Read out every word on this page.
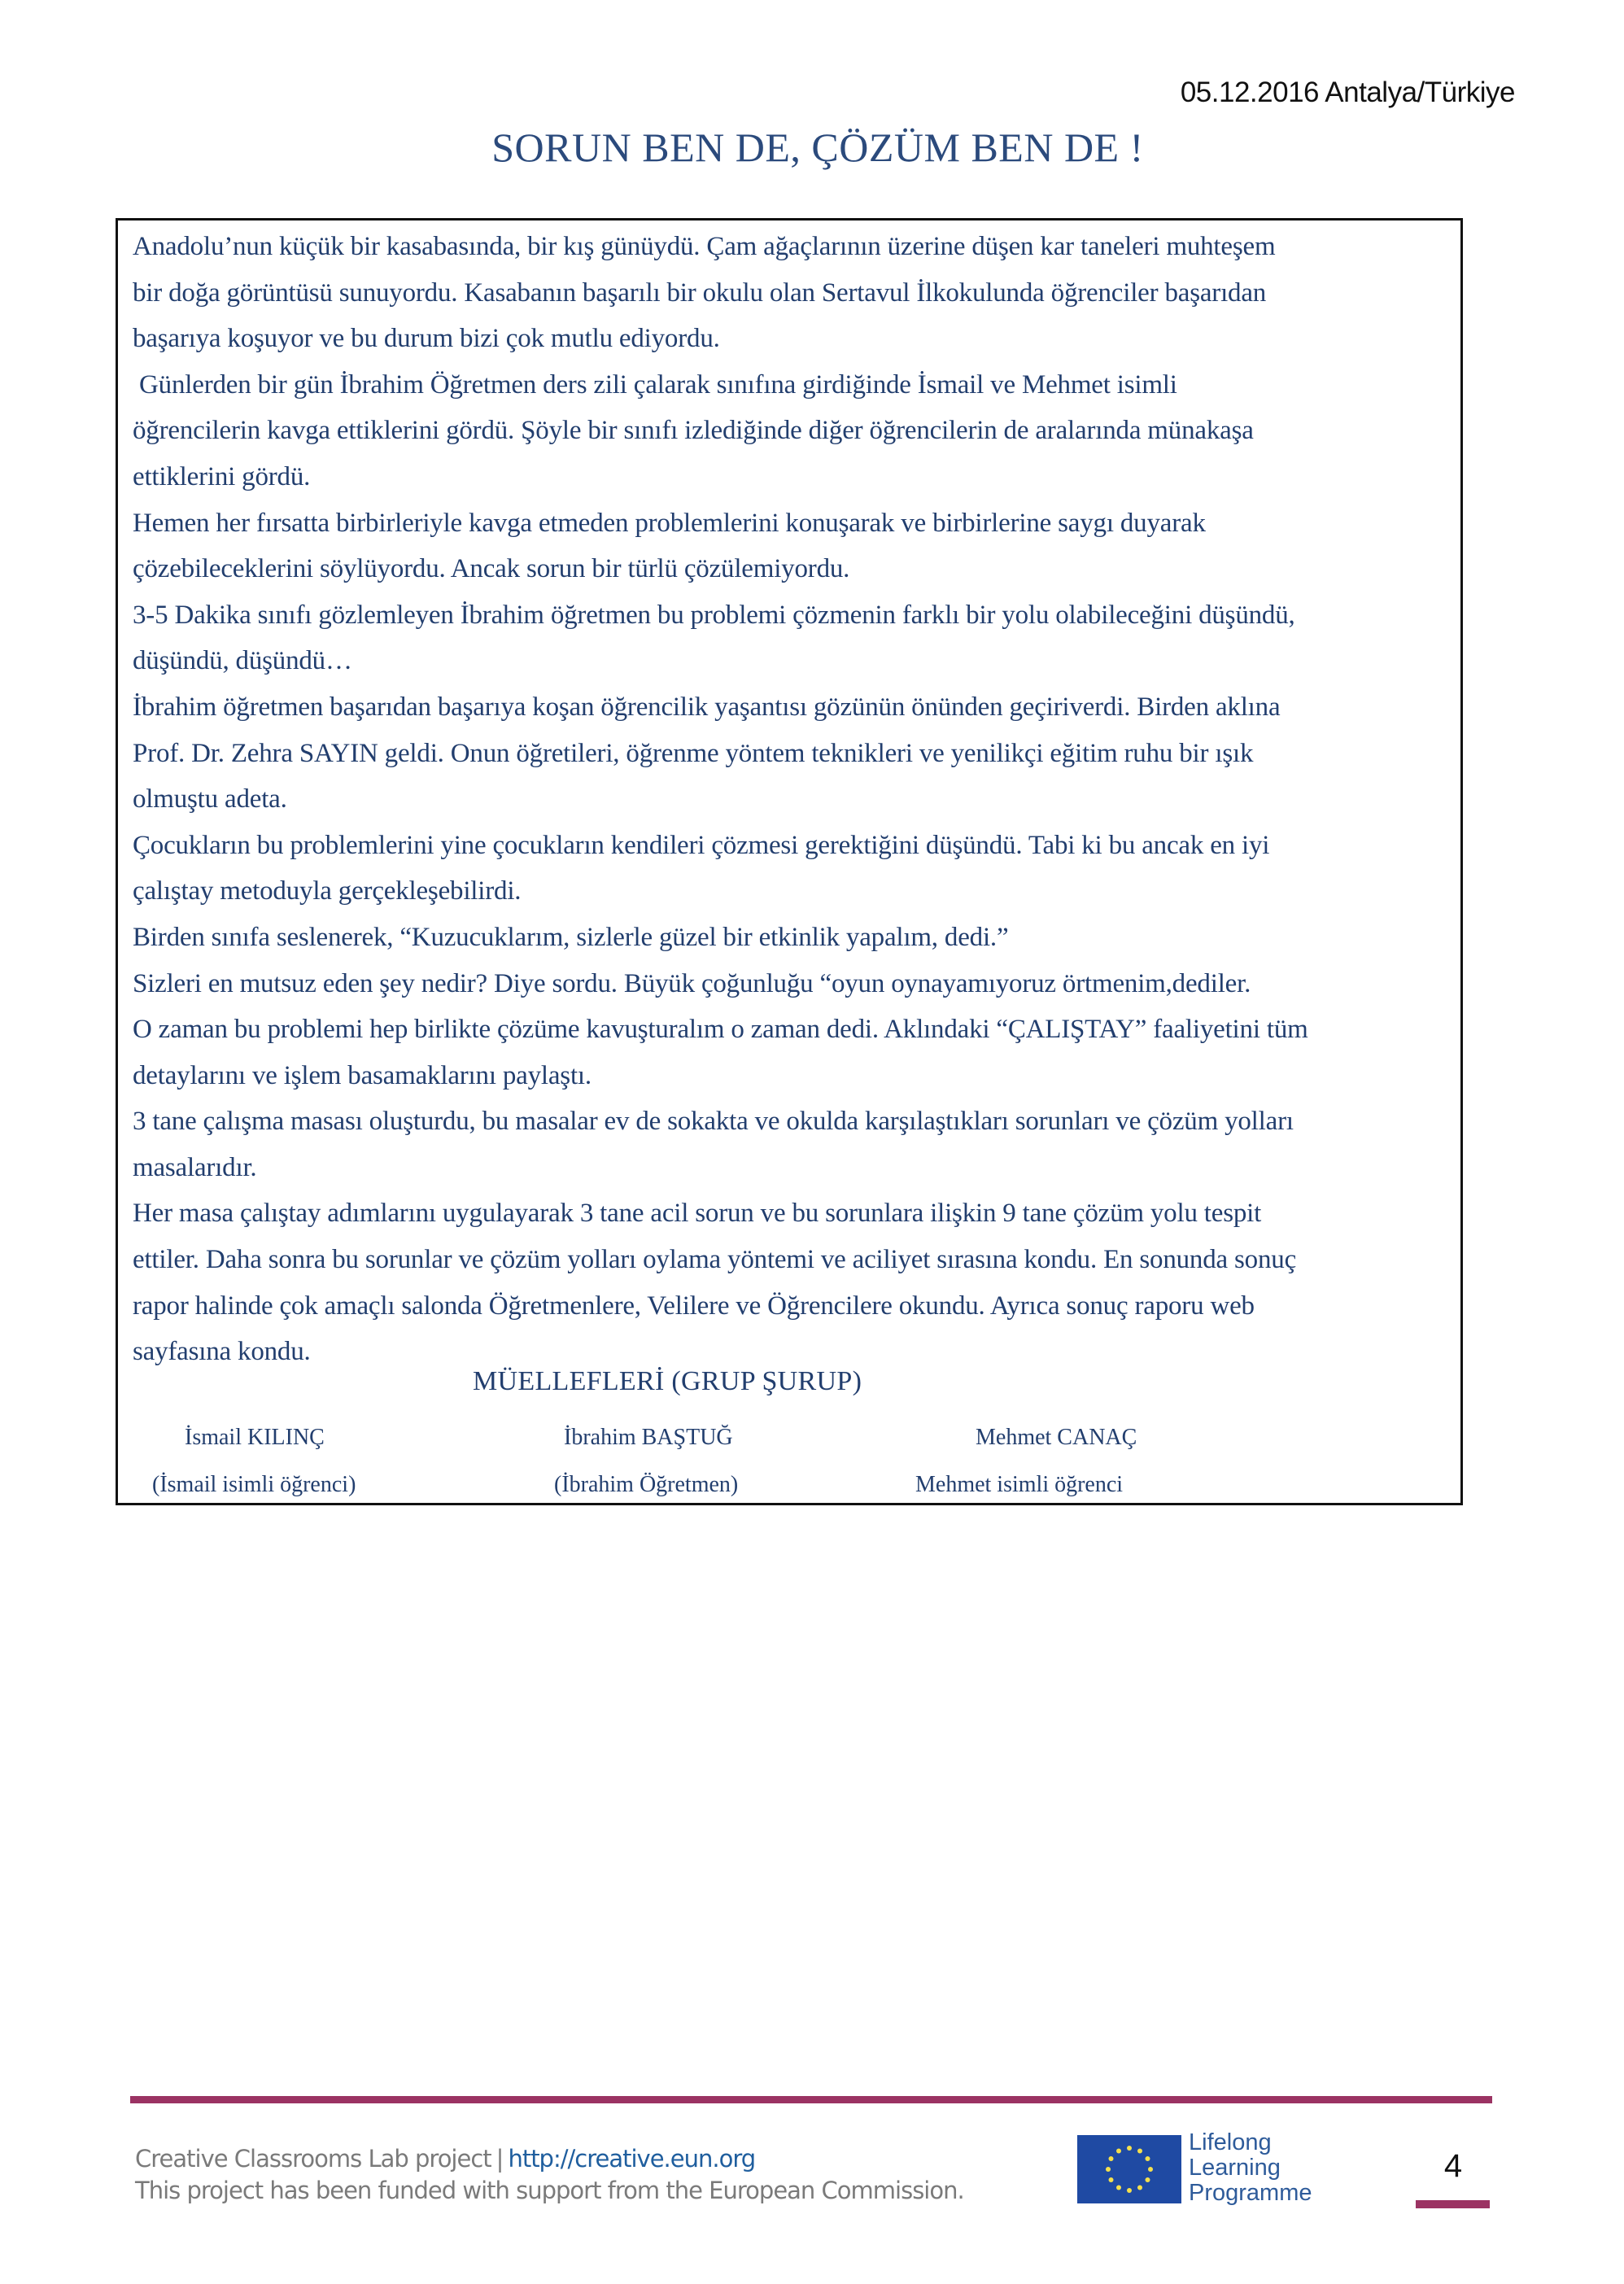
05.12.2016 Antalya/Türkiye
SORUN BEN DE, ÇÖZÜM BEN DE !
Anadolu’nun küçük bir kasabasında, bir kış günüydü. Çam ağaçlarının üzerine düşen kar taneleri muhteşem
bir doğa görüntüsü sunuyordu. Kasabanın başarılı bir okulu olan Sertavul İlkokulunda öğrenciler başarıdan
başarıya koşuyor ve bu durum bizi çok mutlu ediyordu.
Günlerden bir gün İbrahim Öğretmen ders zili çalarak sınıfına girdiğinde İsmail ve Mehmet isimli
öğrencilerin kavga ettiklerini gördü. Şöyle bir sınıfı izlediğinde diğer öğrencilerin de aralarında münakaşa
ettiklerini gördü.
Hemen her fırsatta birbirleriyle kavga etmeden problemlerini konuşarak ve birbirlerine saygı duyarak
çözebileceklerini söylüyordu. Ancak sorun bir türlü çözülemiyordu.
3-5 Dakika sınıfı gözlemleyen İbrahim öğretmen bu problemi çözmenin farklı bir yolu olabileceğini düşündü,
düşündü, düşündü…
İbrahim öğretmen başarıdan başarıya koşan öğrencilik yaşantısı gözünün önünden geçiriverdi. Birden aklına
Prof. Dr. Zehra SAYIN geldi. Onun öğretileri, öğrenme yöntem teknikleri ve yenilikçi eğitim ruhu bir ışık
olmuştu adeta.
Çocukların bu problemlerini yine çocukların kendileri çözmesi gerektiğini düşündü. Tabi ki bu ancak en iyi
çalıştay metoduyla gerçekleşebilirdi.
Birden sınıfa seslenerek, “Kuzucuklarım, sizlerle güzel bir etkinlik yapalım, dedi.”
Sizleri en mutsuz eden şey nedir? Diye sordu. Büyük çoğunluğu “oyun oynayamıyoruz örtmenim,dediler.
O zaman bu problemi hep birlikte çözüme kavuşturalım o zaman dedi. Aklındaki “ÇALIŞTAY” faaliyetini tüm
detaylarını ve işlem basamaklarını paylaştı.
3 tane çalışma masası oluşturdu, bu masalar ev de sokakta ve okulda karşılaştıkları sorunları ve çözüm yolları
masalarıdır.
Her masa çalıştay adımlarını uygulayarak 3 tane acil sorun ve bu sorunlara ilişkin 9 tane çözüm yolu tespit
ettiler. Daha sonra bu sorunlar ve çözüm yolları oylama yöntemi ve aciliyet sırasına kondu. En sonunda sonuç
rapor halinde çok amaçlı salonda Öğretmenlere, Velilere ve Öğrencilere okundu. Ayrıca sonuç raporu web
sayfasına kondu.
MÜELLEFLERİ (GRUP ŞURUP)
İsmail KILINÇ
(İsmail isimli öğrenci)
İbrahim BAŞTUĞ
(İbrahim Öğretmen)
Mehmet CANAÇ
Mehmet isimli öğrenci
Creative Classrooms Lab project | http://creative.eun.org
This project has been funded with support from the European Commission.
Lifelong
Learning
Programme
4
